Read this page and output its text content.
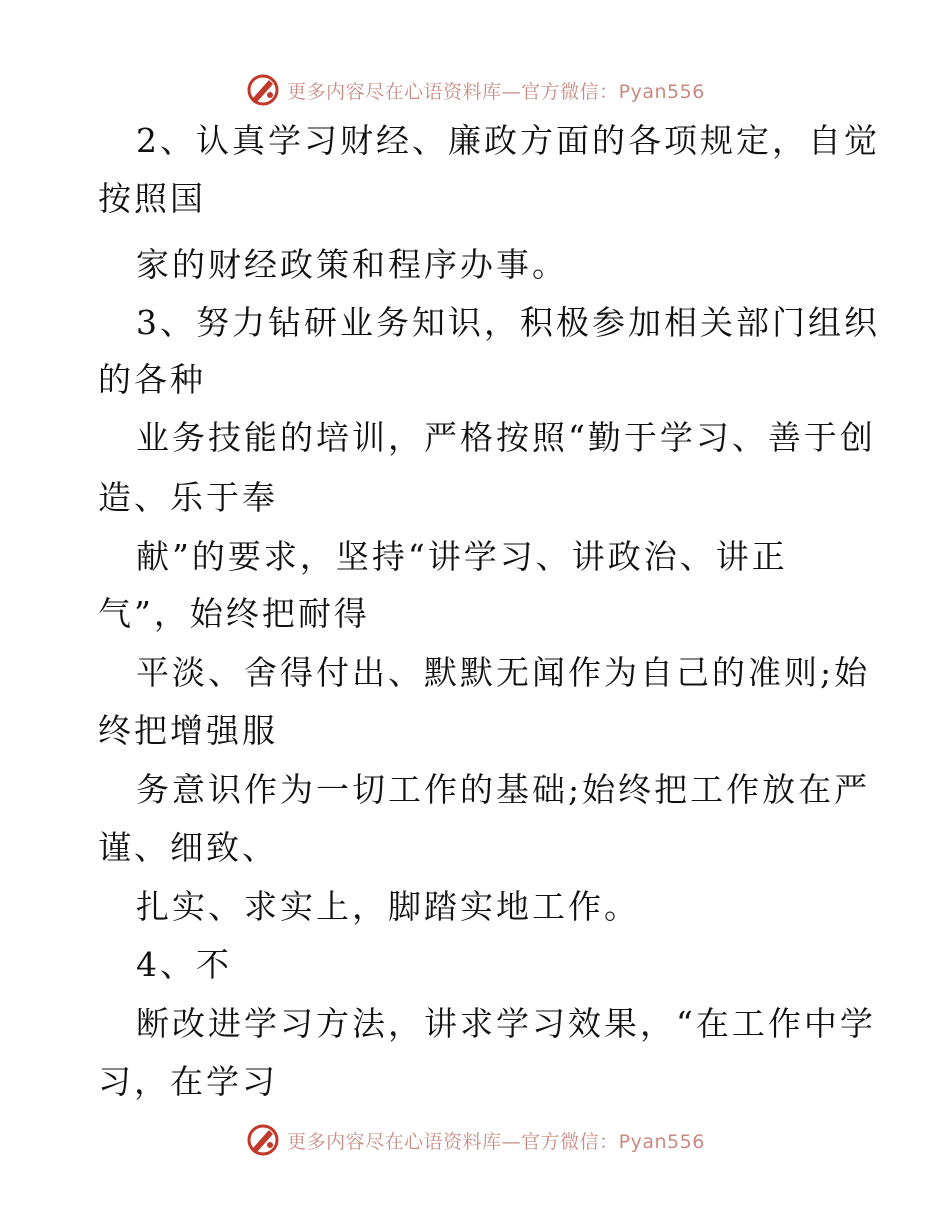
更多内容尽在心语资料库—官方微信：Pyan556
2、认真学习财经、廉政方面的各项规定，自觉
按照国
家的财经政策和程序办事。
3、努力钻研业务知识，积极参加相关部门组织
的各种
业务技能的培训，严格按照“勤于学习、善于创
造、乐于奉
献”的要求，坚持“讲学习、讲政治、讲正
气”，始终把耐得
平淡、舍得付出、默默无闻作为自己的准则;始
终把增强服
务意识作为一切工作的基础;始终把工作放在严
谨、细致、
扎实、求实上，脚踏实地工作。
4、不
断改进学习方法，讲求学习效果，“在工作中学
习，在学习
更多内容尽在心语资料库—官方微信：Pyan556
